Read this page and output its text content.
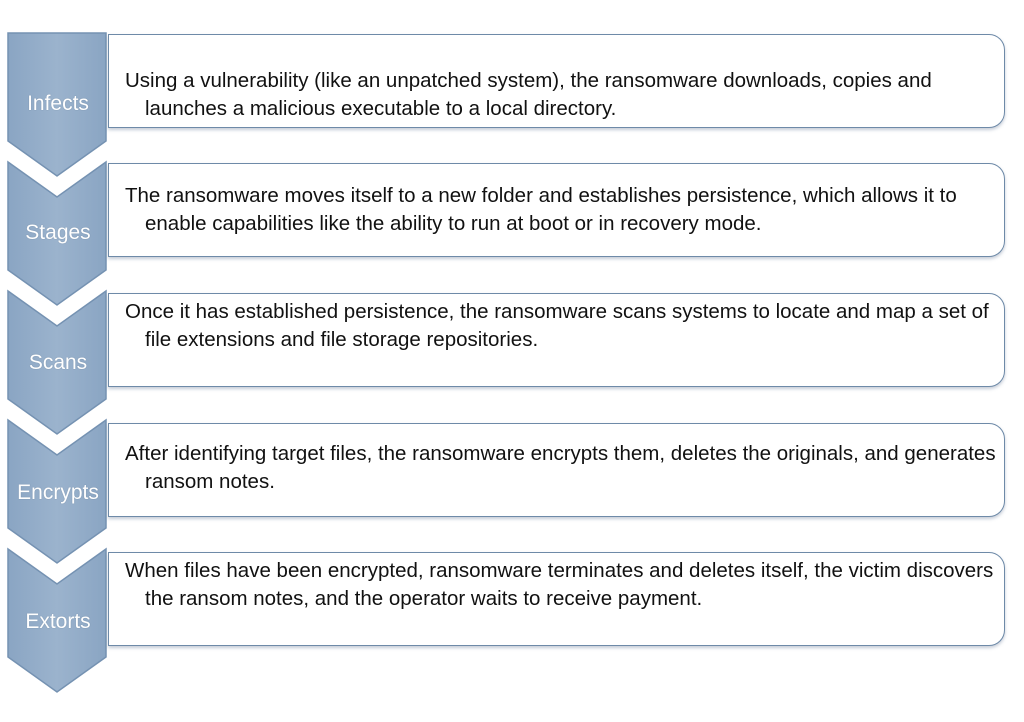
Infects

Using a vulnerability (like an unpatched system), the ransomware downloads, copies and launches a malicious executable to a local directory.

Stages

The ransomware moves itself to a new folder and establishes persistence, which allows it to enable capabilities like the ability to run at boot or in recovery mode.

Scans

Once it has established persistence, the ransomware scans systems to locate and map a set of file extensions and file storage repositories.

Encrypts

After identifying target files, the ransomware encrypts them, deletes the originals, and generates ransom notes.

Extorts

When files have been encrypted, ransomware terminates and deletes itself, the victim discovers the ransom notes, and the operator waits to receive payment.
